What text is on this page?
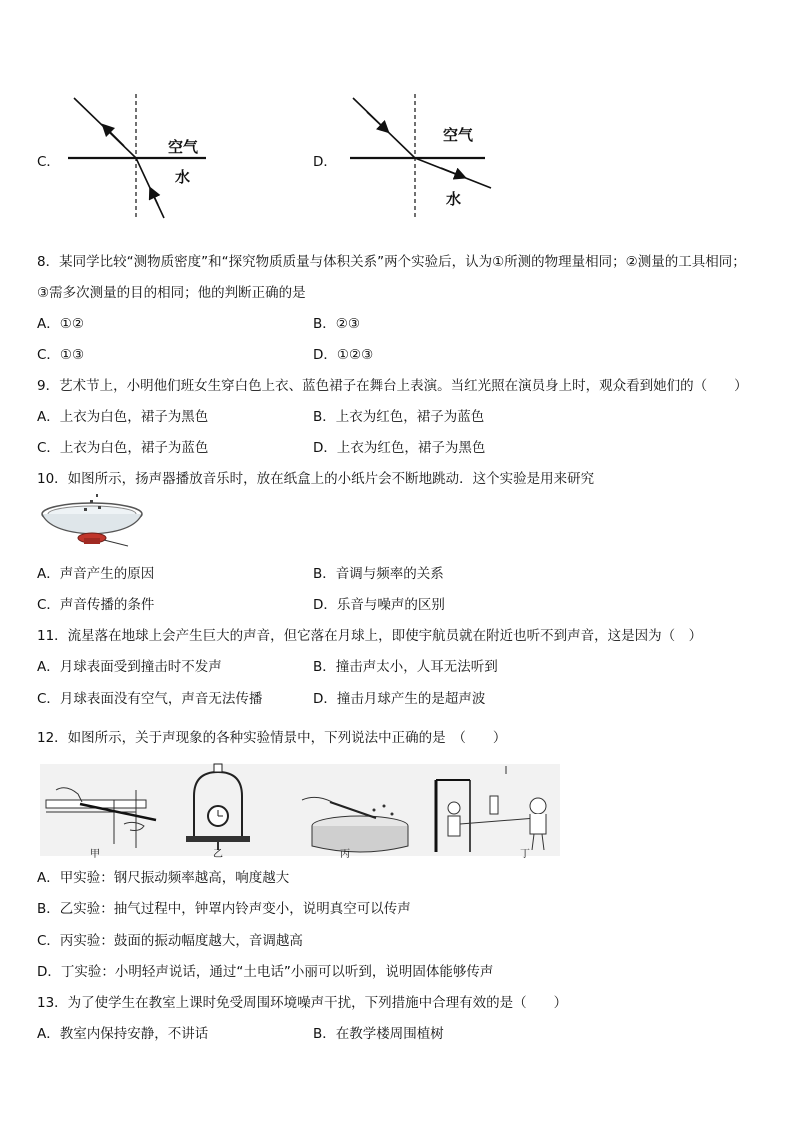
C．
空气
水
D．
空气
水
8．某同学比较“测物质密度”和“探究物质质量与体积关系”两个实验后，认为①所测的物理量相同；②测量的工具相同；
③需多次测量的目的相同；他的判断正确的是
A．①②	B．②③
C．①③	D．①②③
9．艺术节上，小明他们班女生穿白色上衣、蓝色裙子在舞台上表演。当红光照在演员身上时，观众看到她们的（　　）
A．上衣为白色，裙子为黑色	B．上衣为红色，裙子为蓝色
C．上衣为白色，裙子为蓝色	D．上衣为红色，裙子为黑色
10．如图所示，扬声器播放音乐时，放在纸盒上的小纸片会不断地跳动．这个实验是用来研究
A．声音产生的原因	B．音调与频率的关系
C．声音传播的条件	D．乐音与噪声的区别
11．流星落在地球上会产生巨大的声音，但它落在月球上，即使宇航员就在附近也听不到声音，这是因为（　）
A．月球表面受到撞击时不发声	B．撞击声太小，人耳无法听到
C．月球表面没有空气，声音无法传播	D．撞击月球产生的是超声波
12．如图所示，关于声现象的各种实验情景中，下列说法中正确的是　（　　）
甲	乙	丙	丁
A．甲实验：钢尺振动频率越高，响度越大
B．乙实验：抽气过程中，钟罩内铃声变小，说明真空可以传声
C．丙实验：鼓面的振动幅度越大，音调越高
D．丁实验：小明轻声说话，通过“土电话”小丽可以听到，说明固体能够传声
13．为了使学生在教室上课时免受周围环境噪声干扰，下列措施中合理有效的是（　　）
A．教室内保持安静，不讲话	B．在教学楼周围植树
